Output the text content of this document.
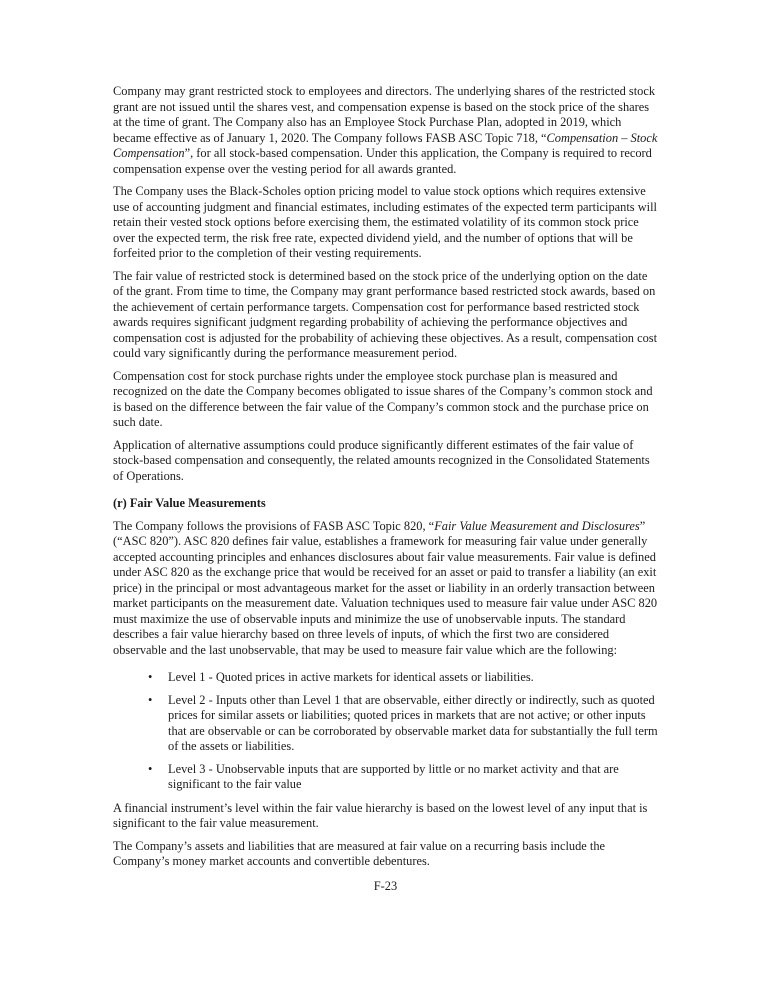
Company may grant restricted stock to employees and directors. The underlying shares of the restricted stock grant are not issued until the shares vest, and compensation expense is based on the stock price of the shares at the time of grant. The Company also has an Employee Stock Purchase Plan, adopted in 2019, which became effective as of January 1, 2020. The Company follows FASB ASC Topic 718, “Compensation – Stock Compensation”, for all stock-based compensation. Under this application, the Company is required to record compensation expense over the vesting period for all awards granted.

The Company uses the Black-Scholes option pricing model to value stock options which requires extensive use of accounting judgment and financial estimates, including estimates of the expected term participants will retain their vested stock options before exercising them, the estimated volatility of its common stock price over the expected term, the risk free rate, expected dividend yield, and the number of options that will be forfeited prior to the completion of their vesting requirements.

The fair value of restricted stock is determined based on the stock price of the underlying option on the date of the grant. From time to time, the Company may grant performance based restricted stock awards, based on the achievement of certain performance targets. Compensation cost for performance based restricted stock awards requires significant judgment regarding probability of achieving the performance objectives and compensation cost is adjusted for the probability of achieving these objectives. As a result, compensation cost could vary significantly during the performance measurement period.

Compensation cost for stock purchase rights under the employee stock purchase plan is measured and recognized on the date the Company becomes obligated to issue shares of the Company’s common stock and is based on the difference between the fair value of the Company’s common stock and the purchase price on such date.

Application of alternative assumptions could produce significantly different estimates of the fair value of stock-based compensation and consequently, the related amounts recognized in the Consolidated Statements of Operations.

(r) Fair Value Measurements

The Company follows the provisions of FASB ASC Topic 820, “Fair Value Measurement and Disclosures” (“ASC 820”). ASC 820 defines fair value, establishes a framework for measuring fair value under generally accepted accounting principles and enhances disclosures about fair value measurements. Fair value is defined under ASC 820 as the exchange price that would be received for an asset or paid to transfer a liability (an exit price) in the principal or most advantageous market for the asset or liability in an orderly transaction between market participants on the measurement date. Valuation techniques used to measure fair value under ASC 820 must maximize the use of observable inputs and minimize the use of unobservable inputs. The standard describes a fair value hierarchy based on three levels of inputs, of which the first two are considered observable and the last unobservable, that may be used to measure fair value which are the following:

•	Level 1 - Quoted prices in active markets for identical assets or liabilities.
•	Level 2 - Inputs other than Level 1 that are observable, either directly or indirectly, such as quoted prices for similar assets or liabilities; quoted prices in markets that are not active; or other inputs that are observable or can be corroborated by observable market data for substantially the full term of the assets or liabilities.
•	Level 3 - Unobservable inputs that are supported by little or no market activity and that are significant to the fair value

A financial instrument’s level within the fair value hierarchy is based on the lowest level of any input that is significant to the fair value measurement.

The Company’s assets and liabilities that are measured at fair value on a recurring basis include the Company’s money market accounts and convertible debentures.

F-23
